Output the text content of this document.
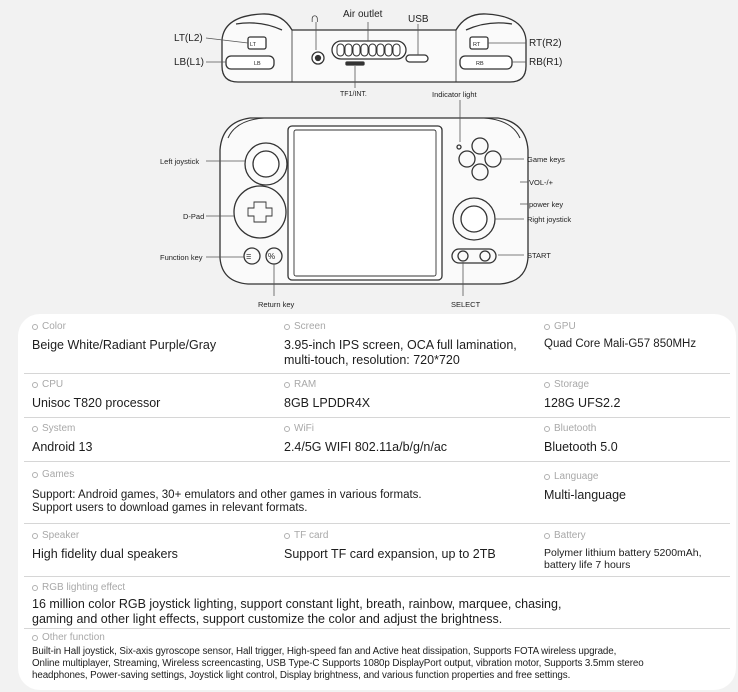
∩
LT
LB
RT
RB
LT(L2)
LB(L1)
Air outlet	USB
RT(R2)
RB(R1)
TF1/INT.
☰ %
Indicator light
Left joystick	Game keys
VOL-/+
power key
D-Pad	Right joystick
START
Function key
Return key	SELECT
Color
Beige White/Radiant Purple/Gray
Screen
3.95-inch IPS screen, OCA full lamination,
multi-touch, resolution: 720*720
GPU
Quad Core Mali-G57 850MHz
CPU
Unisoc T820 processor
RAM
8GB LPDDR4X
Storage
128G UFS2.2
System
Android 13
WiFi
2.4/5G WIFI 802.11a/b/g/n/ac
Bluetooth
Bluetooth 5.0
Games
Support: Android games, 30+ emulators and other games in various formats.
Support users to download games in relevant formats.
Language
Multi-language
Speaker
High fidelity dual speakers
TF card
Support TF card expansion, up to 2TB
Battery
Polymer lithium battery 5200mAh,
battery life 7 hours
RGB lighting effect
16 million color RGB joystick lighting, support constant light, breath, rainbow, marquee, chasing,
gaming and other light effects, support customize the color and adjust the brightness.
Other function
Built-in Hall joystick, Six-axis gyroscope sensor, Hall trigger, High-speed fan and Active heat dissipation, Supports FOTA wireless upgrade,
Online multiplayer, Streaming, Wireless screencasting, USB Type-C Supports 1080p DisplayPort output, vibration motor, Supports 3.5mm stereo
headphones, Power-saving settings, Joystick light control, Display brightness, and various function properties and free settings.
